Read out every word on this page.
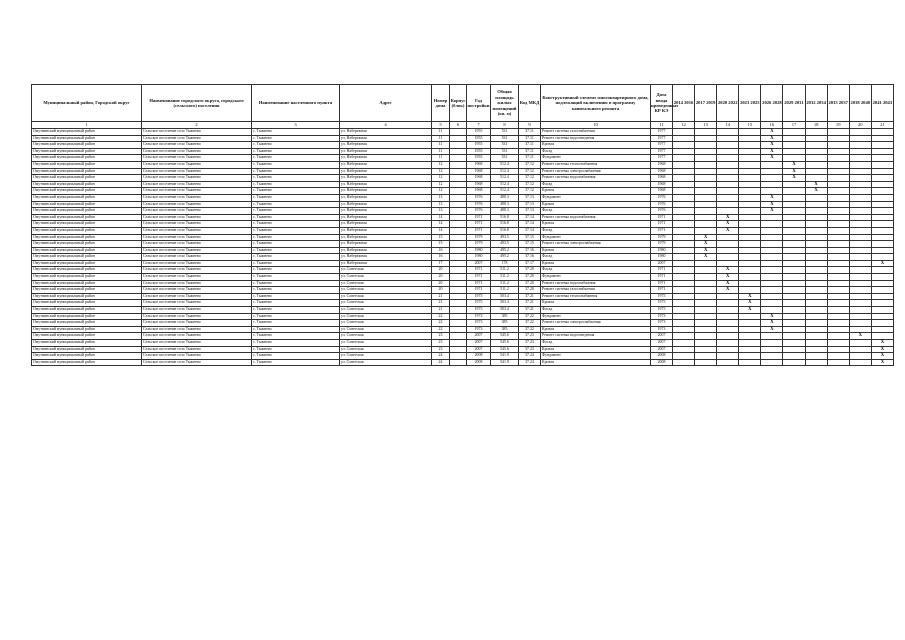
Муниципальный район, Городской округ	Наименование городского округа, городского (сельского) поселения	Наименование населенного пункта	Адрес	Номер дома	Корпус (блок)	Год постройки	Общая площадь жилых помещений (кв. м)	Код МКД	Конструктивный элемент многоквартирного дома, подлежащий включению в программу капитального ремонта	Дата ввода проведенных КР КЭ	2014 2016	2017 2019	2020 2022	2023 2025	2026 2028	2029 2031	2032 2034	2035 2037	2038 2040	2041 2043
1	2	3	4	5	6	7	8	9	10	11	12	13	14	15	16	17	18	19	20	21
Омутнинский муниципальный район	Сельское поселение село Тыжнево	с. Тыжнево	ул. Набережная	11		1955	531	37.11	Ремонт системы газоснабжения	1977					X					
Омутнинский муниципальный район	Сельское поселение село Тыжнево	с. Тыжнево	ул. Набережная	11		1955	531	37.11	Ремонт системы водоотведения	1977					X					
Омутнинский муниципальный район	Сельское поселение село Тыжнево	с. Тыжнево	ул. Набережная	11		1955	531	37.11	Кровля	1977					X					
Омутнинский муниципальный район	Сельское поселение село Тыжнево	с. Тыжнево	ул. Набережная	11		1955	531	37.11	Фасад	1977					X					
Омутнинский муниципальный район	Сельское поселение село Тыжнево	с. Тыжнево	ул. Набережная	11		1955	531	37.11	Фундамент	1977					X					
Омутнинский муниципальный район	Сельское поселение село Тыжнево	с. Тыжнево	ул. Набережная	12		1968	512.4	37.12	Ремонт системы теплоснабжения	1968						X				
Омутнинский муниципальный район	Сельское поселение село Тыжнево	с. Тыжнево	ул. Набережная	12		1968	512.4	37.12	Ремонт системы электроснабжения	1968						X				
Омутнинский муниципальный район	Сельское поселение село Тыжнево	с. Тыжнево	ул. Набережная	12		1968	512.4	37.12	Ремонт системы водоснабжения	1968						X				
Омутнинский муниципальный район	Сельское поселение село Тыжнево	с. Тыжнево	ул. Набережная	12		1968	512.4	37.12	Фасад	1968							X			
Омутнинский муниципальный район	Сельское поселение село Тыжнево	с. Тыжнево	ул. Набережная	12		1968	512.4	37.12	Кровля	1968							X			
Омутнинский муниципальный район	Сельское поселение село Тыжнево	с. Тыжнево	ул. Набережная	13		1976	488.3	37.13	Фундамент	1976					X					
Омутнинский муниципальный район	Сельское поселение село Тыжнево	с. Тыжнево	ул. Набережная	13		1976	488.3	37.13	Кровля	1976					X					
Омутнинский муниципальный район	Сельское поселение село Тыжнево	с. Тыжнево	ул. Набережная	13		1976	488.3	37.13	Фасад	1976					X					
Омутнинский муниципальный район	Сельское поселение село Тыжнево	с. Тыжнево	ул. Набережная	14		1971	516.8	37.14	Ремонт системы водоснабжения	1971			X							
Омутнинский муниципальный район	Сельское поселение село Тыжнево	с. Тыжнево	ул. Набережная	14		1971	516.8	37.14	Кровля	1971			X							
Омутнинский муниципальный район	Сельское поселение село Тыжнево	с. Тыжнево	ул. Набережная	14		1971	516.8	37.14	Фасад	1971			X							
Омутнинский муниципальный район	Сельское поселение село Тыжнево	с. Тыжнево	ул. Набережная	15		1979	493.5	37.15	Фундамент	1979		X								
Омутнинский муниципальный район	Сельское поселение село Тыжнево	с. Тыжнево	ул. Набережная	15		1979	493.5	37.15	Ремонт системы электроснабжения	1979		X								
Омутнинский муниципальный район	Сельское поселение село Тыжнево	с. Тыжнево	ул. Набережная	16		1980	495.2	37.16	Кровля	1980		X								
Омутнинский муниципальный район	Сельское поселение село Тыжнево	с. Тыжнево	ул. Набережная	16		1980	495.2	37.16	Фасад	1980		X								
Омутнинский муниципальный район	Сельское поселение село Тыжнево	с. Тыжнево	ул. Набережная	17		2007	178	37.17	Кровля	2007										X
Омутнинский муниципальный район	Сельское поселение село Тыжнево	с. Тыжнево	ул. Советская	20		1971	511.2	37.20	Фасад	1971			X							
Омутнинский муниципальный район	Сельское поселение село Тыжнево	с. Тыжнево	ул. Советская	20		1971	511.2	37.20	Фундамент	1971			X							
Омутнинский муниципальный район	Сельское поселение село Тыжнево	с. Тыжнево	ул. Советская	20		1971	511.2	37.20	Ремонт системы водоснабжения	1971			X							
Омутнинский муниципальный район	Сельское поселение село Тыжнево	с. Тыжнево	ул. Советская	20		1971	511.2	37.20	Ремонт системы газоснабжения	1971			X							
Омутнинский муниципальный район	Сельское поселение село Тыжнево	с. Тыжнево	ул. Советская	21		1975	503.4	37.21	Ремонт системы теплоснабжения	1975				X						
Омутнинский муниципальный район	Сельское поселение село Тыжнево	с. Тыжнево	ул. Советская	21		1975	503.4	37.21	Кровля	1975				X						
Омутнинский муниципальный район	Сельское поселение село Тыжнево	с. Тыжнево	ул. Советская	21		1975	503.4	37.21	Фасад	1975				X						
Омутнинский муниципальный район	Сельское поселение село Тыжнево	с. Тыжнево	ул. Советская	22		1973	385	37.22	Фундамент	1973					X					
Омутнинский муниципальный район	Сельское поселение село Тыжнево	с. Тыжнево	ул. Советская	22		1973	385	37.22	Ремонт системы электроснабжения	1973					X					
Омутнинский муниципальный район	Сельское поселение село Тыжнево	с. Тыжнево	ул. Советская	22		1973	385	37.22	Кровля	1973					X					
Омутнинский муниципальный район	Сельское поселение село Тыжнево	с. Тыжнево	ул. Советская	23		2007	545.6	37.23	Ремонт системы водоотведения	2007									X	
Омутнинский муниципальный район	Сельское поселение село Тыжнево	с. Тыжнево	ул. Советская	23		2007	545.6	37.23	Фасад	2007										X
Омутнинский муниципальный район	Сельское поселение село Тыжнево	с. Тыжнево	ул. Советская	23		2007	545.6	37.23	Кровля	2007										X
Омутнинский муниципальный район	Сельское поселение село Тыжнево	с. Тыжнево	ул. Советская	24		2008	541.9	37.24	Фундамент	2008										X
Омутнинский муниципальный район	Сельское поселение село Тыжнево	с. Тыжнево	ул. Советская	24		2008	541.9	37.24	Кровля	2008										X
